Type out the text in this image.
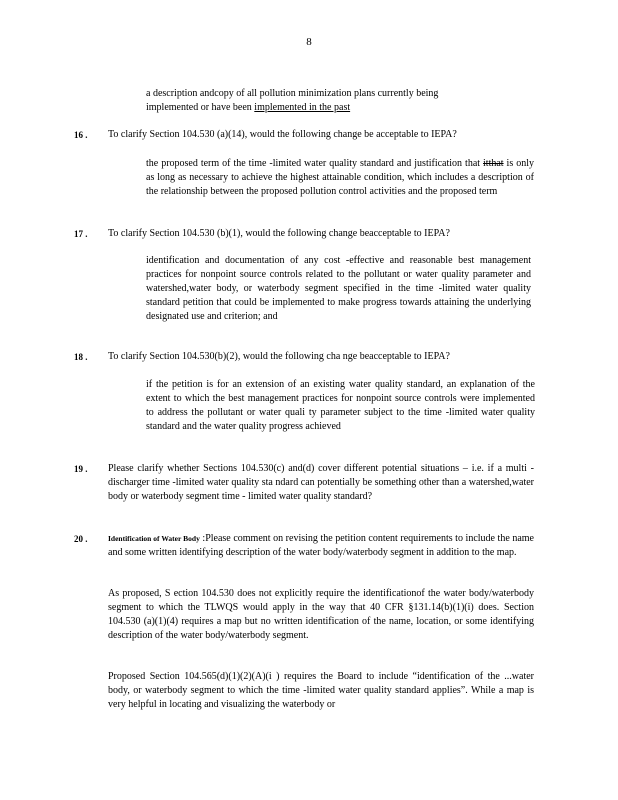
8

a description andcopy of all pollution minimization plans currently being

implemented or have been implemented in the past

16 . To clarify Section 104.530 (a)(14), would the following change be acceptable to IEPA?
the proposed term of the time -limited water quality standard and justification that itthat is only as long as necessary to achieve the highest attainable condition, which includes a description of the relationship between the proposed pollution control activities and the proposed term
17 . To clarify Section 104.530 (b)(1), would the following change beacceptable to IEPA?
identification and documentation of any cost -effective and reasonable best management practices for nonpoint source controls related to the pollutant or water quality parameter and watershed,water body, or waterbody segment specified in the time -limited water quality standard petition that could be implemented to make progress towards attaining the underlying designated use and criterion; and
18 . To clarify Section 104.530(b)(2), would the following cha nge beacceptable to IEPA?
if the petition is for an extension of an existing water quality standard, an explanation of the extent to which the best management practices for nonpoint source controls were implemented to address the pollutant or water quali ty parameter subject to the time -limited water quality standard and the water quality progress achieved
19 . Please clarify whether Sections 104.530(c) and(d) cover different potential situations – i.e. if a multi -discharger time -limited water quality sta ndard can potentially be something other than a watershed,water body or waterbody segment time - limited water quality standard?
20 .	Identification of Water Body :Please comment on revising the petition content requirements to include the name and some written identifying description of the water body/waterbody segment in addition to the map.
As proposed, S ection 104.530 does not explicitly require the identificationof the water body/waterbody segment to which the TLWQS would apply in the way that 40 CFR §131.14(b)(1)(i) does. Section 104.530 (a)(1)(4) requires a map but no written identification of the name, location, or some identifying description of the water body/waterbody segment.
Proposed Section 104.565(d)(1)(2)(A)(i ) requires the Board to include “identification of the ...water body, or waterbody segment to which the time -limited water quality standard applies”. While a map is very helpful in locating and visualizing the waterbody or
